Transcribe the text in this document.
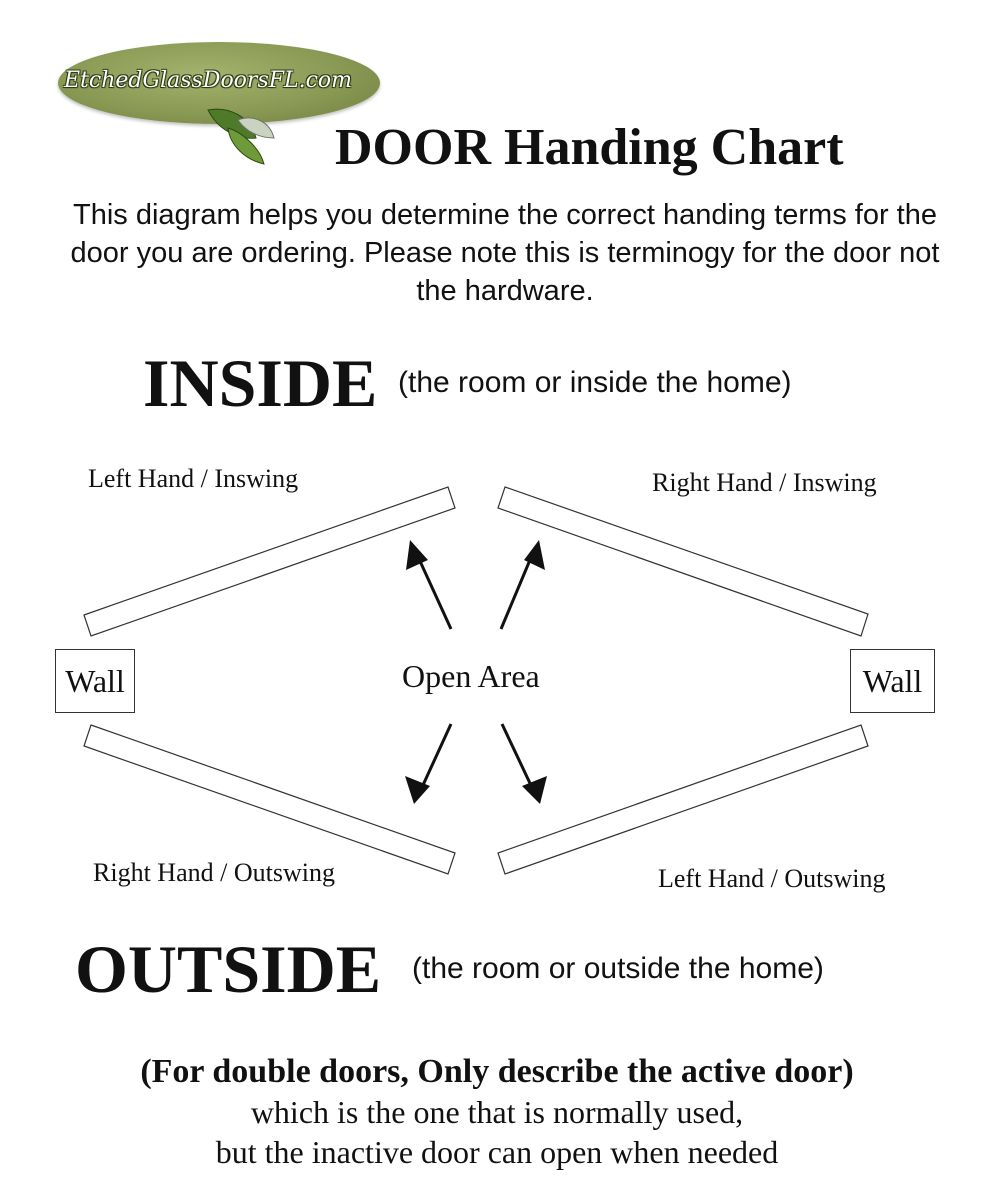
EtchedGlassDoorsFL.com
DOOR Handing Chart
This diagram helps you determine the correct handing terms for the door you are ordering. Please note this is terminogy for the door not the hardware.
INSIDE (the room or inside the home)
Left Hand / Inswing	Right Hand / Inswing
Right Hand / Outswing	Left Hand / Outswing
Open Area
Wall	Wall
OUTSIDE (the room or outside the home)
(For double doors, Only describe the active door)
which is the one that is normally used,
but the inactive door can open when needed
